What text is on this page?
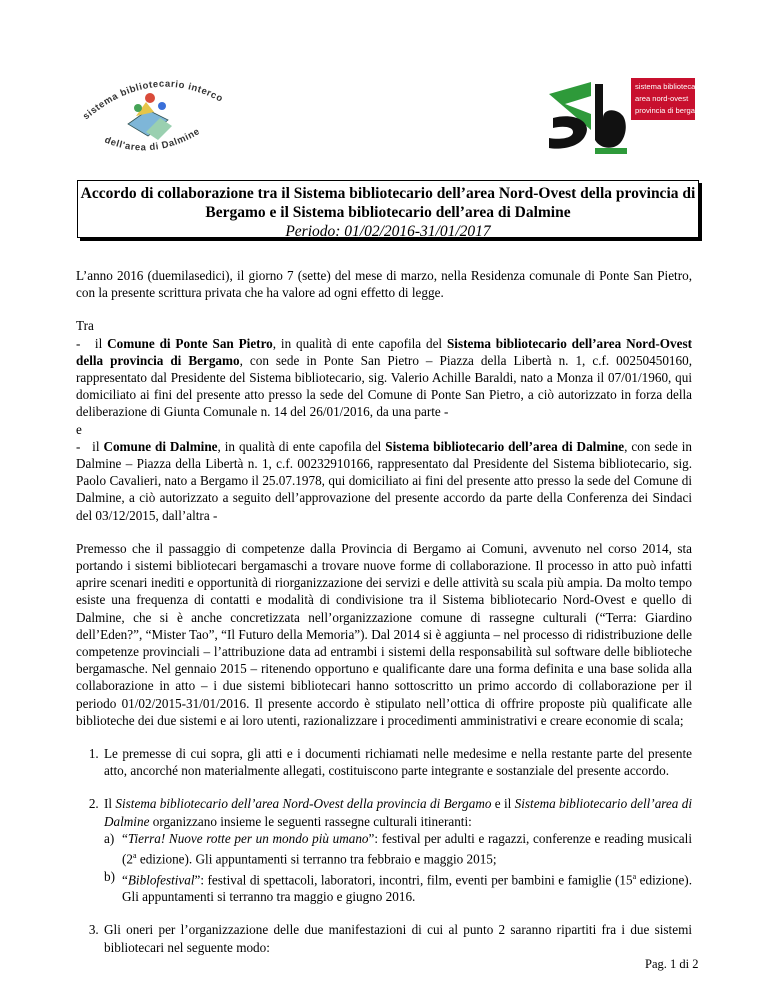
sistema bibliotecario interco
dell'area di Dalmine
sistema bibliotecario
area nord-ovest
provincia di bergamo
Accordo di collaborazione tra il Sistema bibliotecario dell’area Nord-Ovest della provincia di
Bergamo e il Sistema bibliotecario dell’area di Dalmine
Periodo: 01/02/2016-31/01/2017

L’anno 2016 (duemilasedici), il giorno 7 (sette) del mese di marzo, nella Residenza comunale di Ponte San Pietro, con la presente scrittura privata che ha valore ad ogni effetto di legge.

Tra

-   il Comune di Ponte San Pietro, in qualità di ente capofila del Sistema bibliotecario dell’area Nord-Ovest della provincia di Bergamo, con sede in Ponte San Pietro – Piazza della Libertà n. 1, c.f. 00250450160, rappresentato dal Presidente del Sistema bibliotecario, sig. Valerio Achille Baraldi, nato a Monza il 07/01/1960, qui domiciliato ai fini del presente atto presso la sede del Comune di Ponte San Pietro, a ciò autorizzato in forza della deliberazione di Giunta Comunale n. 14 del 26/01/2016, da una parte -

e

-   il Comune di Dalmine, in qualità di ente capofila del Sistema bibliotecario dell’area di Dalmine, con sede in Dalmine – Piazza della Libertà n. 1, c.f. 00232910166, rappresentato dal Presidente del Sistema bibliotecario, sig. Paolo Cavalieri, nato a Bergamo il 25.07.1978, qui domiciliato ai fini del presente atto presso la sede del Comune di Dalmine, a ciò autorizzato a seguito dell’approvazione del presente accordo da parte della Conferenza dei Sindaci del 03/12/2015, dall’altra -

Premesso che il passaggio di competenze dalla Provincia di Bergamo ai Comuni, avvenuto nel corso 2014, sta portando i sistemi bibliotecari bergamaschi a trovare nuove forme di collaborazione. Il processo in atto può infatti aprire scenari inediti e opportunità di riorganizzazione dei servizi e delle attività su scala più ampia. Da molto tempo esiste una frequenza di contatti e modalità di condivisione tra il Sistema bibliotecario Nord-Ovest e quello di Dalmine, che si è anche concretizzata nell’organizzazione comune di rassegne culturali (“Terra: Giardino dell’Eden?”, “Mister Tao”, “Il Futuro della Memoria”). Dal 2014 si è aggiunta – nel processo di ridistribuzione delle competenze provinciali – l’attribuzione data ad entrambi i sistemi della responsabilità sul software delle biblioteche bergamasche. Nel gennaio 2015 – ritenendo opportuno e qualificante dare una forma definita e una base solida alla collaborazione in atto – i due sistemi bibliotecari hanno sottoscritto un primo accordo di collaborazione per il periodo 01/02/2015-31/01/2016. Il presente accordo è stipulato nell’ottica di offrire proposte più qualificate alle biblioteche dei due sistemi e ai loro utenti, razionalizzare i procedimenti amministrativi e creare economie di scala;

1. Le premesse di cui sopra, gli atti e i documenti richiamati nelle medesime e nella restante parte del presente atto, ancorché non materialmente allegati, costituiscono parte integrante e sostanziale del presente accordo.
2. Il Sistema bibliotecario dell’area Nord-Ovest della provincia di Bergamo e il Sistema bibliotecario dell’area di Dalmine organizzano insieme le seguenti rassegne culturali itineranti:
a) “Tierra! Nuove rotte per un mondo più umano”: festival per adulti e ragazzi, conferenze e reading musicali (2$^a$ edizione). Gli appuntamenti si terranno tra febbraio e maggio 2015;
b) “Biblofestival”: festival di spettacoli, laboratori, incontri, film, eventi per bambini e famiglie (15$^a$ edizione). Gli appuntamenti si terranno tra maggio e giugno 2016.
3. Gli oneri per l’organizzazione delle due manifestazioni di cui al punto 2 saranno ripartiti fra i due sistemi bibliotecari nel seguente modo:
Pag. 1 di 2
